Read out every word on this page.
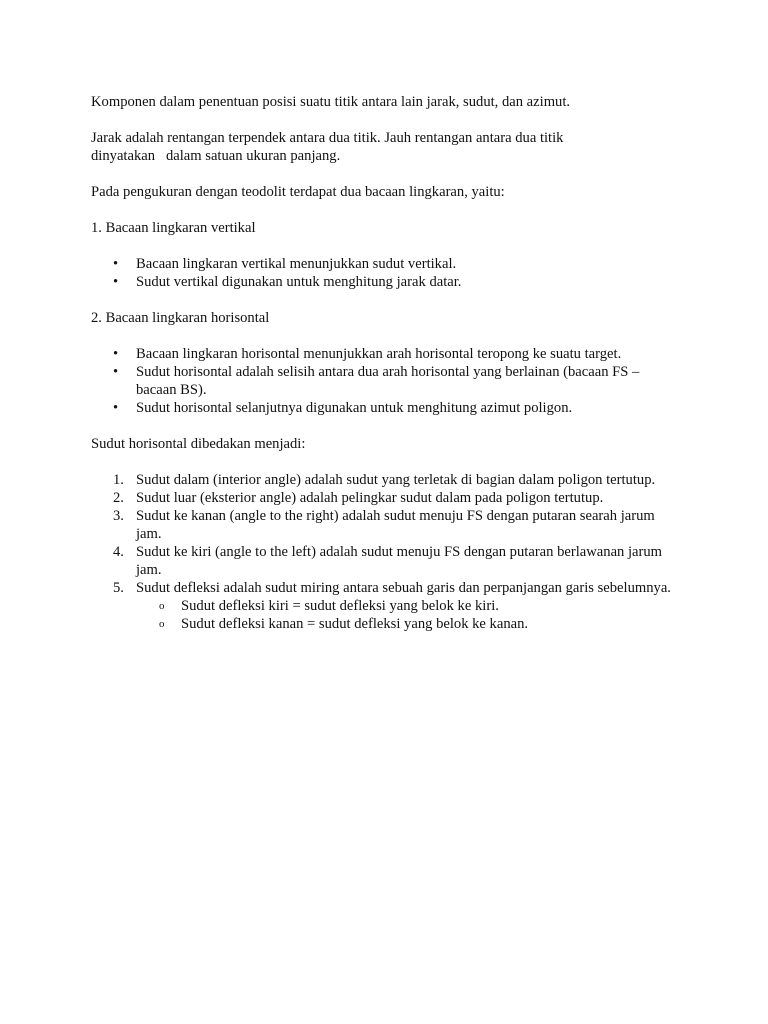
Komponen dalam penentuan posisi suatu titik antara lain jarak, sudut, dan azimut.

Jarak adalah rentangan terpendek antara dua titik. Jauh rentangan antara dua titik

dinyatakan   dalam satuan ukuran panjang.

Pada pengukuran dengan teodolit terdapat dua bacaan lingkaran, yaitu:

1. Bacaan lingkaran vertikal

• Bacaan lingkaran vertikal menunjukkan sudut vertikal.
• Sudut vertikal digunakan untuk menghitung jarak datar.

2. Bacaan lingkaran horisontal

• Bacaan lingkaran horisontal menunjukkan arah horisontal teropong ke suatu target.
• Sudut horisontal adalah selisih antara dua arah horisontal yang berlainan (bacaan FS – bacaan BS).
• Sudut horisontal selanjutnya digunakan untuk menghitung azimut poligon.

Sudut horisontal dibedakan menjadi:

1. Sudut dalam (interior angle) adalah sudut yang terletak di bagian dalam poligon tertutup.
2. Sudut luar (eksterior angle) adalah pelingkar sudut dalam pada poligon tertutup.
3. Sudut ke kanan (angle to the right) adalah sudut menuju FS dengan putaran searah jarum jam.
4. Sudut ke kiri (angle to the left) adalah sudut menuju FS dengan putaran berlawanan jarum jam.
5. Sudut defleksi adalah sudut miring antara sebuah garis dan perpanjangan garis sebelumnya.
o Sudut defleksi kiri = sudut defleksi yang belok ke kiri.
o Sudut defleksi kanan = sudut defleksi yang belok ke kanan.
